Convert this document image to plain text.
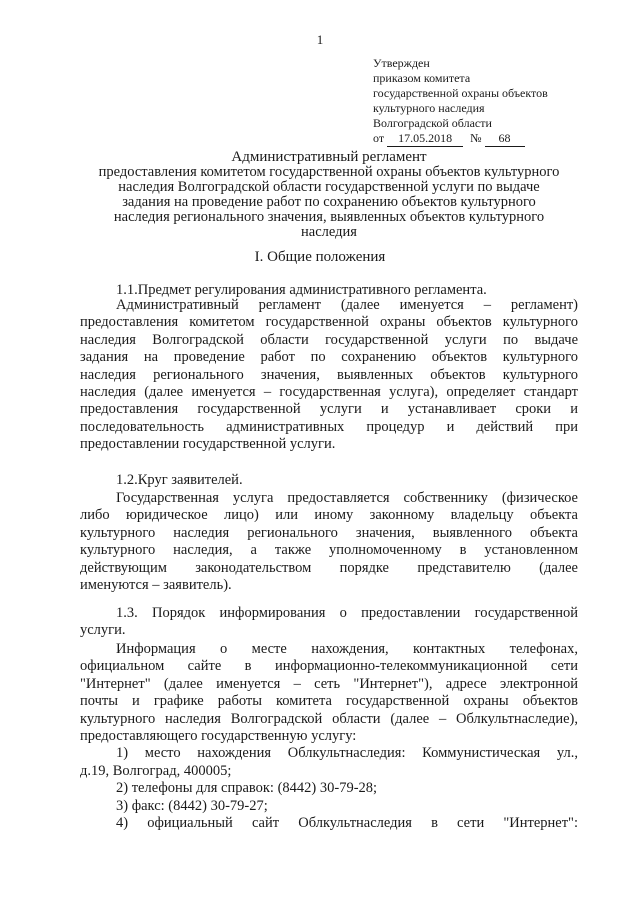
1
Утвержден
приказом комитета
государственной охраны объектов
культурного наследия
Волгоградской области
от 17.05.2018 № 68
Административный регламент
предоставления комитетом государственной охраны объектов культурного
наследия Волгоградской области государственной услуги по выдаче
задания на проведение работ по сохранению объектов культурного
наследия регионального значения, выявленных объектов культурного
наследия
I. Общие положения
1.1.Предмет регулирования административного регламента.
Административный регламент (далее именуется – регламент)
предоставления комитетом государственной охраны объектов культурного
наследия Волгоградской области государственной услуги по выдаче
задания на проведение работ по сохранению объектов культурного
наследия регионального значения, выявленных объектов культурного
наследия (далее именуется – государственная услуга), определяет стандарт
предоставления государственной услуги и устанавливает сроки и
последовательность административных процедур и действий при
предоставлении государственной услуги.
1.2.Круг заявителей.
Государственная услуга предоставляется собственнику (физическое
либо юридическое лицо) или иному законному владельцу объекта
культурного наследия регионального значения, выявленного объекта
культурного наследия, а также уполномоченному в установленном
действующим законодательством порядке представителю (далее
именуются – заявитель).
1.3. Порядок информирования о предоставлении государственной
услуги.
Информация о месте нахождения, контактных телефонах,
официальном сайте в информационно-телекоммуникационной сети
"Интернет" (далее именуется – сеть "Интернет"), адресе электронной
почты и графике работы комитета государственной охраны объектов
культурного наследия Волгоградской области (далее – Облкультнаследие),
предоставляющего государственную услугу:
1) место нахождения Облкультнаследия: Коммунистическая ул.,
д.19, Волгоград, 400005;
2) телефоны для справок: (8442) 30-79-28;
3) факс: (8442) 30-79-27;
4) официальный сайт Облкультнаследия в сети "Интернет":
